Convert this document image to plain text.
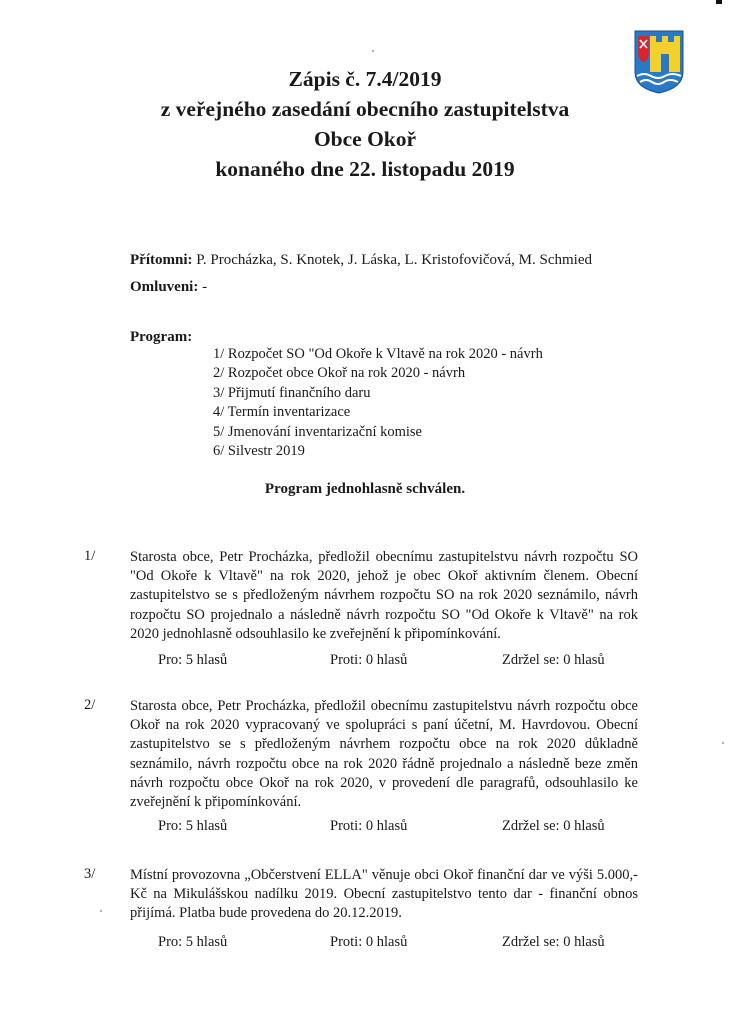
Zápis č. 7.4/2019
z veřejného zasedání obecního zastupitelstva
Obce Okoř
konaného dne 22. listopadu 2019
Přítomni: P. Procházka, S. Knotek, J. Láska, L. Kristofovičová, M. Schmied
Omluveni: -
Program:
1/ Rozpočet SO "Od Okoře k Vltavě na rok 2020 - návrh
2/ Rozpočet obce Okoř na rok 2020 - návrh
3/ Přijmutí finančního daru
4/ Termín inventarizace
5/ Jmenování inventarizační komise
6/ Silvestr 2019
Program jednohlasně schválen.
1/ Starosta obce, Petr Procházka, předložil obecnímu zastupitelstvu návrh rozpočtu SO "Od Okoře k Vltavě" na rok 2020, jehož je obec Okoř aktivním členem. Obecní zastupitelstvo se s předloženým návrhem rozpočtu SO na rok 2020 seznámilo, návrh rozpočtu SO projednalo a následně návrh rozpočtu SO "Od Okoře k Vltavě" na rok 2020 jednohlasně odsouhlasilo ke zveřejnění k připomínkování.
Pro: 5 hlasů	Proti: 0 hlasů	Zdržel se: 0 hlasů
2/ Starosta obce, Petr Procházka, předložil obecnímu zastupitelstvu návrh rozpočtu obce Okoř na rok 2020 vypracovaný ve spolupráci s paní účetní, M. Havrdovou. Obecní zastupitelstvo se s předloženým návrhem rozpočtu obce na rok 2020 důkladně seznámilo, návrh rozpočtu obce na rok 2020 řádně projednalo a následně beze změn návrh rozpočtu obce Okoř na rok 2020, v provedení dle paragrafů, odsouhlasilo ke zveřejnění k připomínkování.
Pro: 5 hlasů	Proti: 0 hlasů	Zdržel se: 0 hlasů
3/ Místní provozovna „Občerstvení ELLA" věnuje obci Okoř finanční dar ve výši 5.000,-Kč na Mikulášskou nadílku 2019. Obecní zastupitelstvo tento dar - finanční obnos přijímá. Platba bude provedena do 20.12.2019.
Pro: 5 hlasů	Proti: 0 hlasů	Zdržel se: 0 hlasů
